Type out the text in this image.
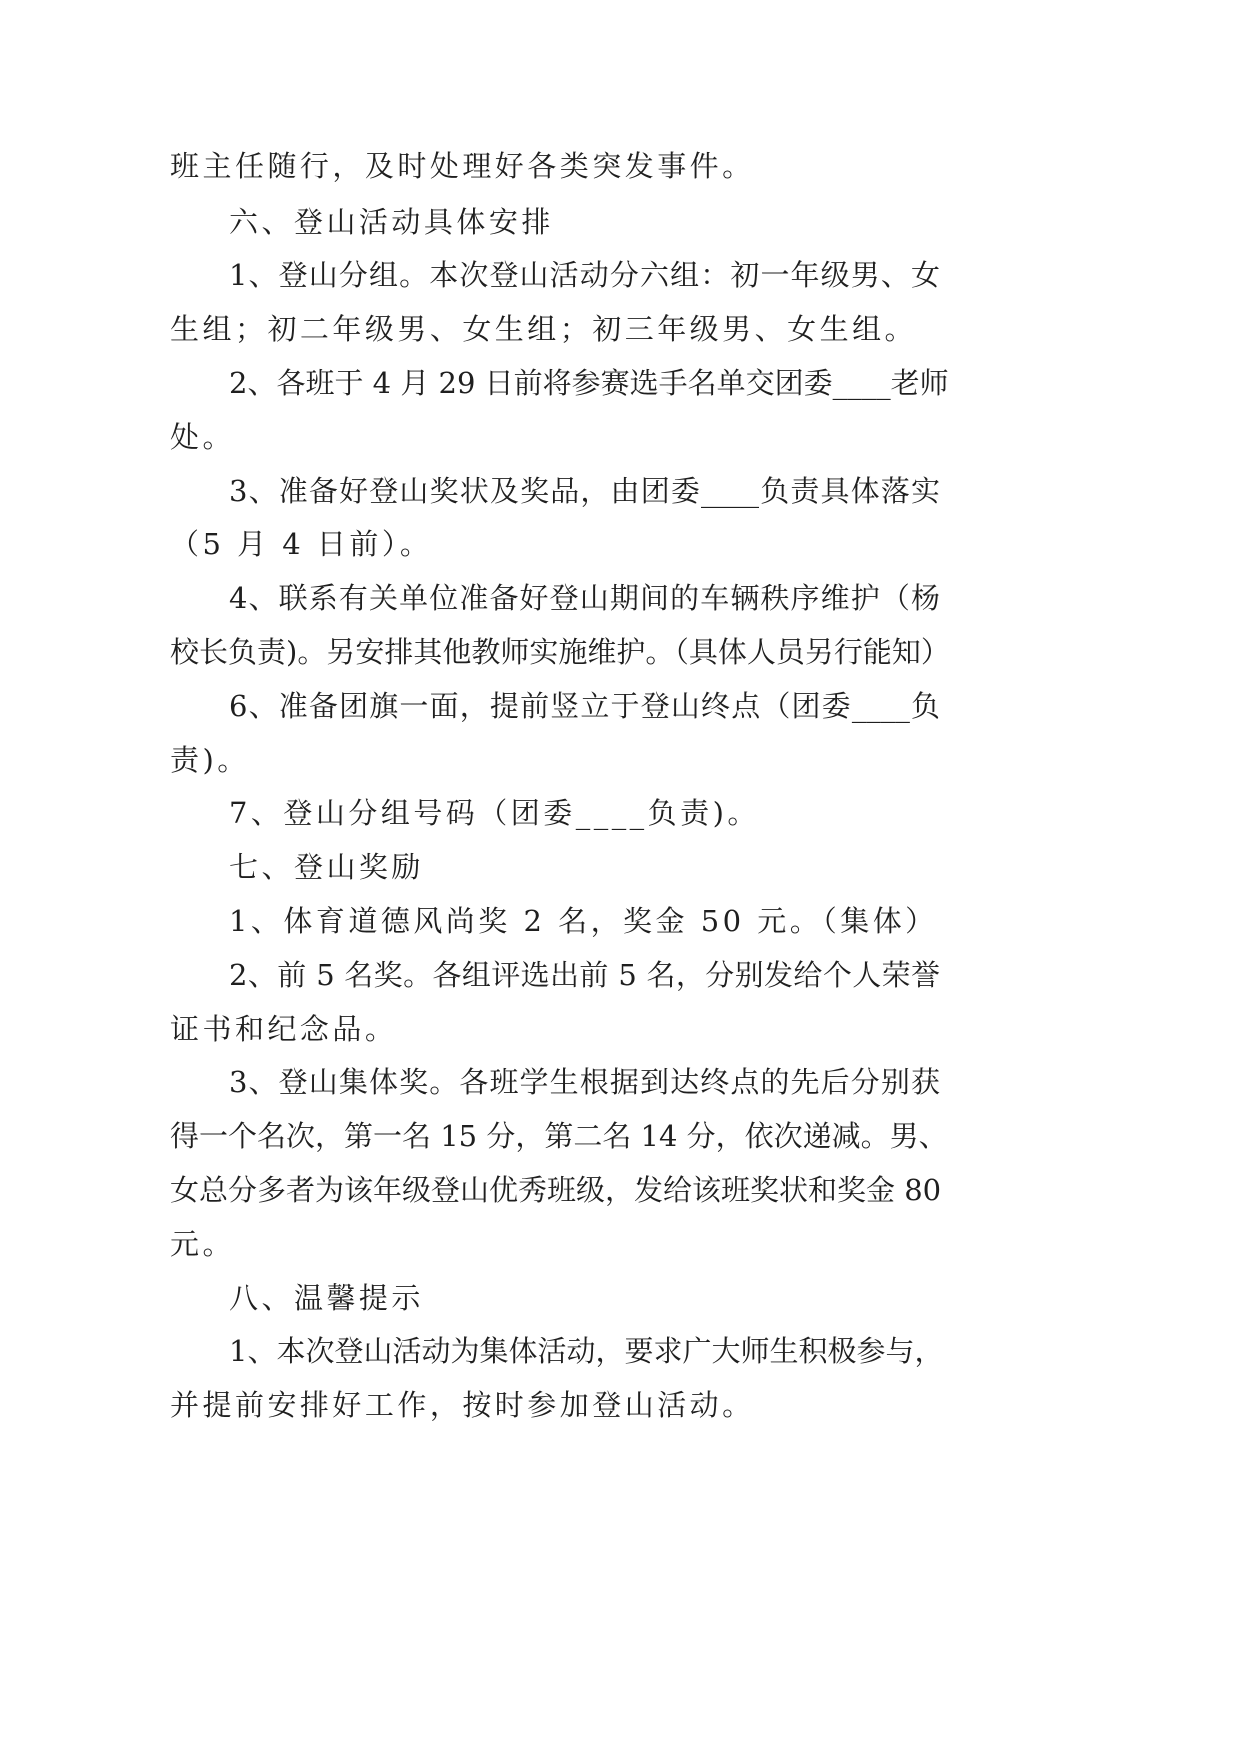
班主任随行，及时处理好各类突发事件。
六、登山活动具体安排
1、登山分组。本次登山活动分六组：初一年级男、女
生组；初二年级男、女生组；初三年级男、女生组。
2、各班于 4 月 29 日前将参赛选手名单交团委____老师
处。
3、准备好登山奖状及奖品，由团委____负责具体落实
（5 月 4 日前）。
4、联系有关单位准备好登山期间的车辆秩序维护（杨
校长负责)。另安排其他教师实施维护。（具体人员另行能知）
6、准备团旗一面，提前竖立于登山终点（团委____负
责)。
7、登山分组号码（团委____负责)。
七、登山奖励
1、体育道德风尚奖 2 名，奖金 50 元。（集体）
2、前 5 名奖。各组评选出前 5 名，分别发给个人荣誉
证书和纪念品。
3、登山集体奖。各班学生根据到达终点的先后分别获
得一个名次，第一名 15 分，第二名 14 分，依次递减。男、
女总分多者为该年级登山优秀班级，发给该班奖状和奖金 80
元。
八、温馨提示
1、本次登山活动为集体活动，要求广大师生积极参与，
并提前安排好工作，按时参加登山活动。
